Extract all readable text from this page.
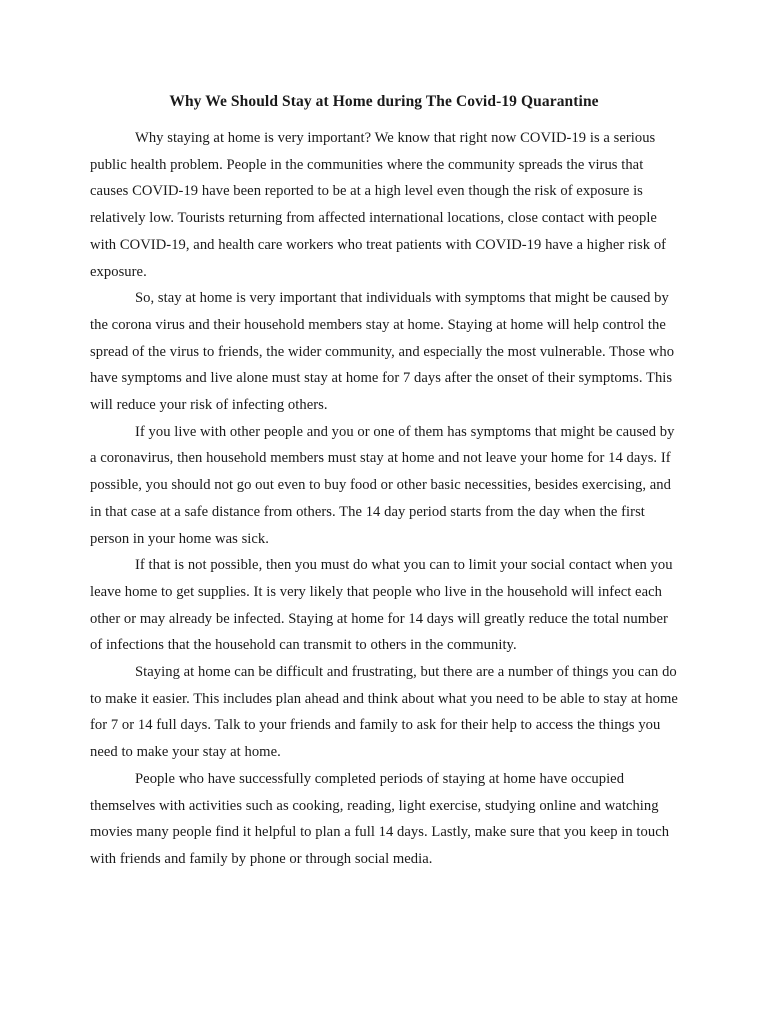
Why We Should Stay at Home during The Covid-19 Quarantine

Why staying at home is very important? We know that right now COVID-19 is a serious public health problem. People in the communities where the community spreads the virus that causes COVID-19 have been reported to be at a high level even though the risk of exposure is relatively low. Tourists returning from affected international locations, close contact with people with COVID-19, and health care workers who treat patients with COVID-19 have a higher risk of exposure.

So, stay at home is very important that individuals with symptoms that might be caused by the corona virus and their household members stay at home. Staying at home will help control the spread of the virus to friends, the wider community, and especially the most vulnerable. Those who have symptoms and live alone must stay at home for 7 days after the onset of their symptoms. This will reduce your risk of infecting others.

If you live with other people and you or one of them has symptoms that might be caused by a coronavirus, then household members must stay at home and not leave your home for 14 days. If possible, you should not go out even to buy food or other basic necessities, besides exercising, and in that case at a safe distance from others. The 14 day period starts from the day when the first person in your home was sick.

If that is not possible, then you must do what you can to limit your social contact when you leave home to get supplies. It is very likely that people who live in the household will infect each other or may already be infected. Staying at home for 14 days will greatly reduce the total number of infections that the household can transmit to others in the community.

Staying at home can be difficult and frustrating, but there are a number of things you can do to make it easier. This includes plan ahead and think about what you need to be able to stay at home for 7 or 14 full days. Talk to your friends and family to ask for their help to access the things you need to make your stay at home.

People who have successfully completed periods of staying at home have occupied themselves with activities such as cooking, reading, light exercise, studying online and watching movies many people find it helpful to plan a full 14 days. Lastly, make sure that you keep in touch with friends and family by phone or through social media.
